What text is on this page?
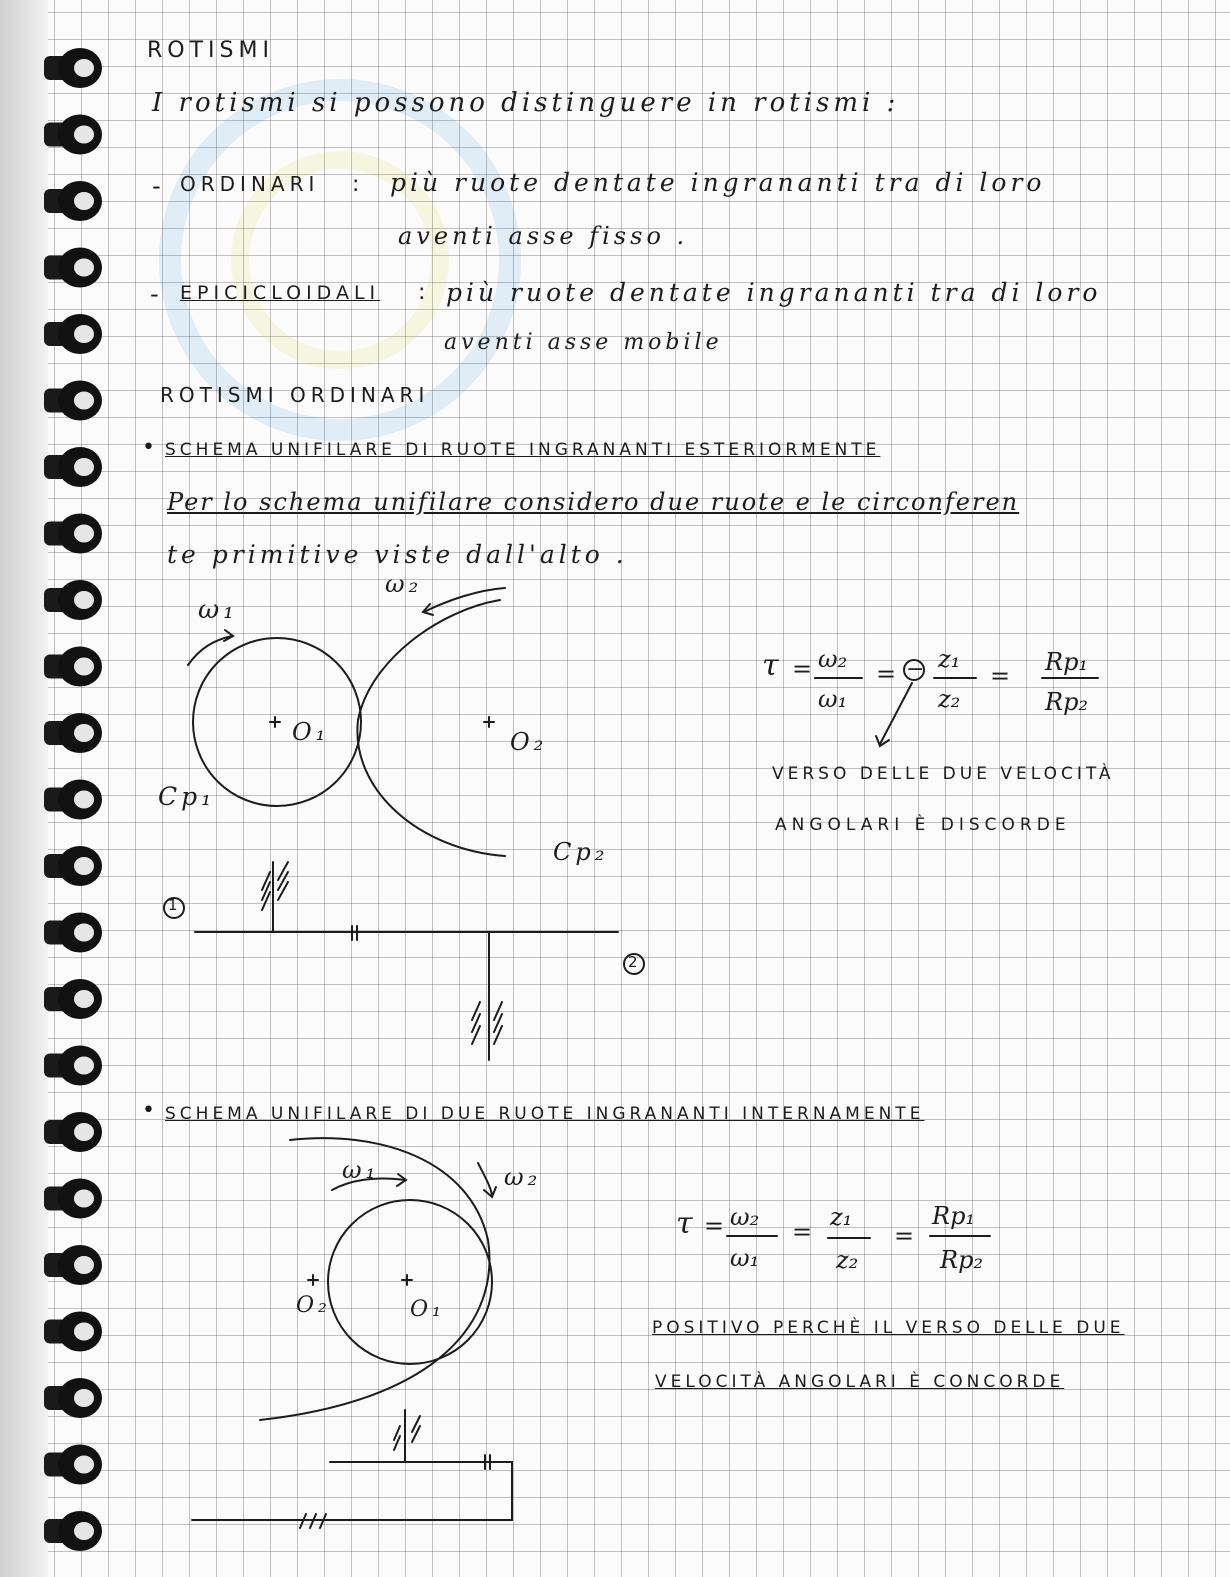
ROTISMI
I rotismi si possono distinguere in rotismi :
- ORDINARI : più ruote dentate ingrananti tra di loro
aventi asse fisso .
- EPICICLOIDALI : più ruote dentate ingrananti tra di loro
aventi asse mobile
ROTISMI ORDINARI
• SCHEMA UNIFILARE DI RUOTE INGRANANTI ESTERIORMENTE
Per lo schema unifilare considero due ruote e le circonferen
te primitive viste dall'alto .
ω₁
ω₂
O₁	O₂
Cp₁
Cp₂
1
2
τ = ω₂
ω₁
= − z₁
z₂
= Rp₁
Rp₂
VERSO DELLE DUE VELOCITÀ
ANGOLARI È DISCORDE
• SCHEMA UNIFILARE DI DUE RUOTE INGRANANTI INTERNAMENTE
ω₁	ω₂
O₂	O₁
τ = ω₂
ω₁
=
z₁
z₂
=
Rp₁
Rp₂
POSITIVO PERCHÈ IL VERSO DELLE DUE
VELOCITÀ ANGOLARI È CONCORDE
